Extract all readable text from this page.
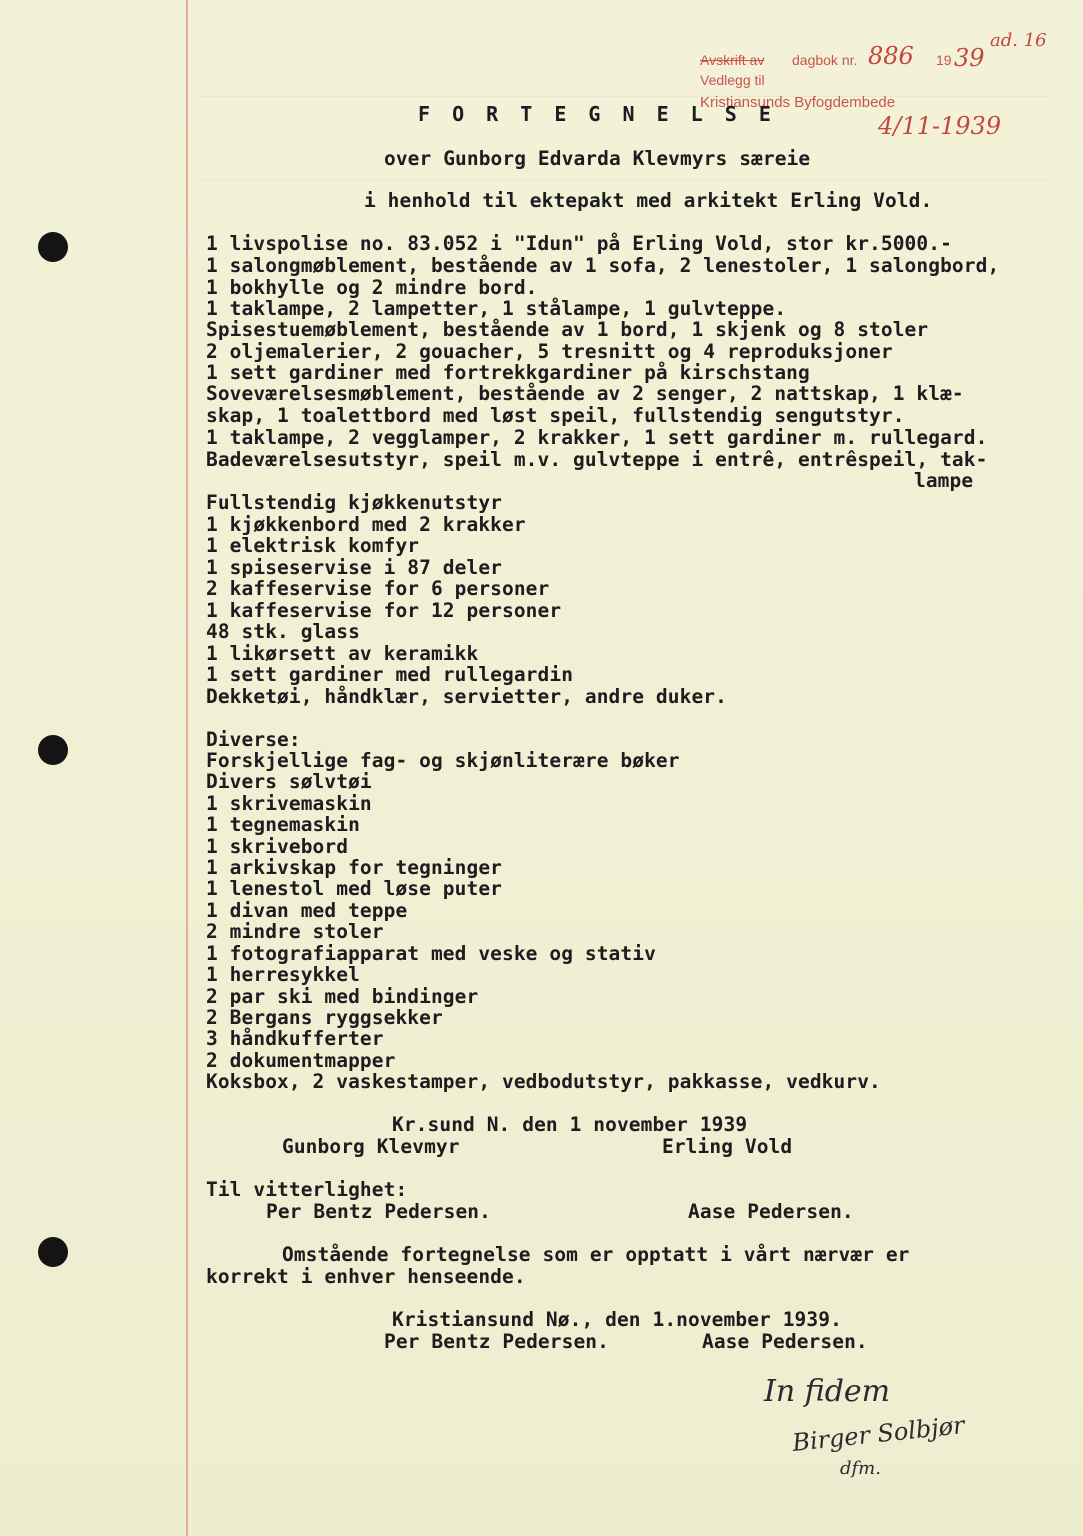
Avskrift av dagbok nr. 886 19 39
ad. 16
Vedlegg til
Kristiansunds Byfogdembede
4/11-1939
F O R T E G N E L S E
over Gunborg Edvarda Klevmyrs særeie
i henhold til ektepakt med arkitekt Erling Vold.
1 livspolise no. 83.052 i "Idun" på Erling Vold, stor kr.5000.-
1 salongmøblement, bestående av 1 sofa, 2 lenestoler, 1 salongbord,
1 bokhylle og 2 mindre bord.
1 taklampe, 2 lampetter, 1 stålampe, 1 gulvteppe.
Spisestuemøblement, bestående av 1 bord, 1 skjenk og 8 stoler
2 oljemalerier, 2 gouacher, 5 tresnitt og 4 reproduksjoner
1 sett gardiner med fortrekkgardiner på kirschstang
Soveværelsesmøblement, bestående av 2 senger, 2 nattskap, 1 klæ-
skap, 1 toalettbord med løst speil, fullstendig sengutstyr.
1 taklampe, 2 vegglamper, 2 krakker, 1 sett gardiner m. rullegard.
Badeværelsesutstyr, speil m.v. gulvteppe i entrê, entrêspeil, tak-
lampe
Fullstendig kjøkkenutstyr
1 kjøkkenbord med 2 krakker
1 elektrisk komfyr
1 spiseservise i 87 deler
2 kaffeservise for 6 personer
1 kaffeservise for 12 personer
48 stk. glass
1 likørsett av keramikk
1 sett gardiner med rullegardin
Dekketøi, håndklær, servietter, andre duker.
Diverse:
Forskjellige fag- og skjønliterære bøker
Divers sølvtøi
1 skrivemaskin
1 tegnemaskin
1 skrivebord
1 arkivskap for tegninger
1 lenestol med løse puter
1 divan med teppe
2 mindre stoler
1 fotografiapparat med veske og stativ
1 herresykkel
2 par ski med bindinger
2 Bergans ryggsekker
3 håndkufferter
2 dokumentmapper
Koksbox, 2 vaskestamper, vedbodutstyr, pakkasse, vedkurv.
Kr.sund N. den 1 november 1939
Gunborg Klevmyr	Erling Vold
Til vitterlighet:
Per Bentz Pedersen.	Aase Pedersen.
Omstående fortegnelse som er opptatt i vårt nærvær er
korrekt i enhver henseende.
Kristiansund Nø., den 1.november 1939.
Per Bentz Pedersen.	Aase Pedersen.
In fidem
Birger Solbjør
dfm.
